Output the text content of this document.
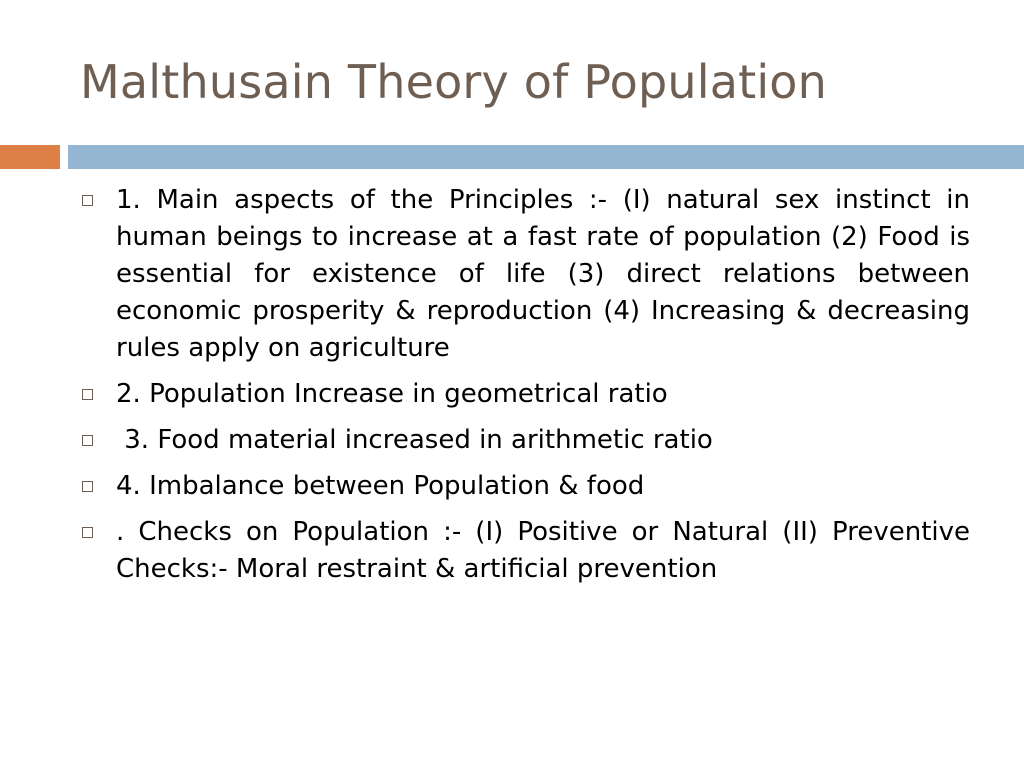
Malthusain Theory of Population
1. Main aspects of the Principles :- (I) natural sex instinct in human beings to increase at a fast rate of population (2) Food is essential for existence of life (3) direct relations between economic prosperity & reproduction (4) Increasing & decreasing rules apply on agriculture
2. Population Increase in geometrical ratio
3. Food material increased in arithmetic ratio
4. Imbalance between Population & food
. Checks on Population :- (I) Positive or Natural (II) Preventive Checks:- Moral restraint & artificial prevention
